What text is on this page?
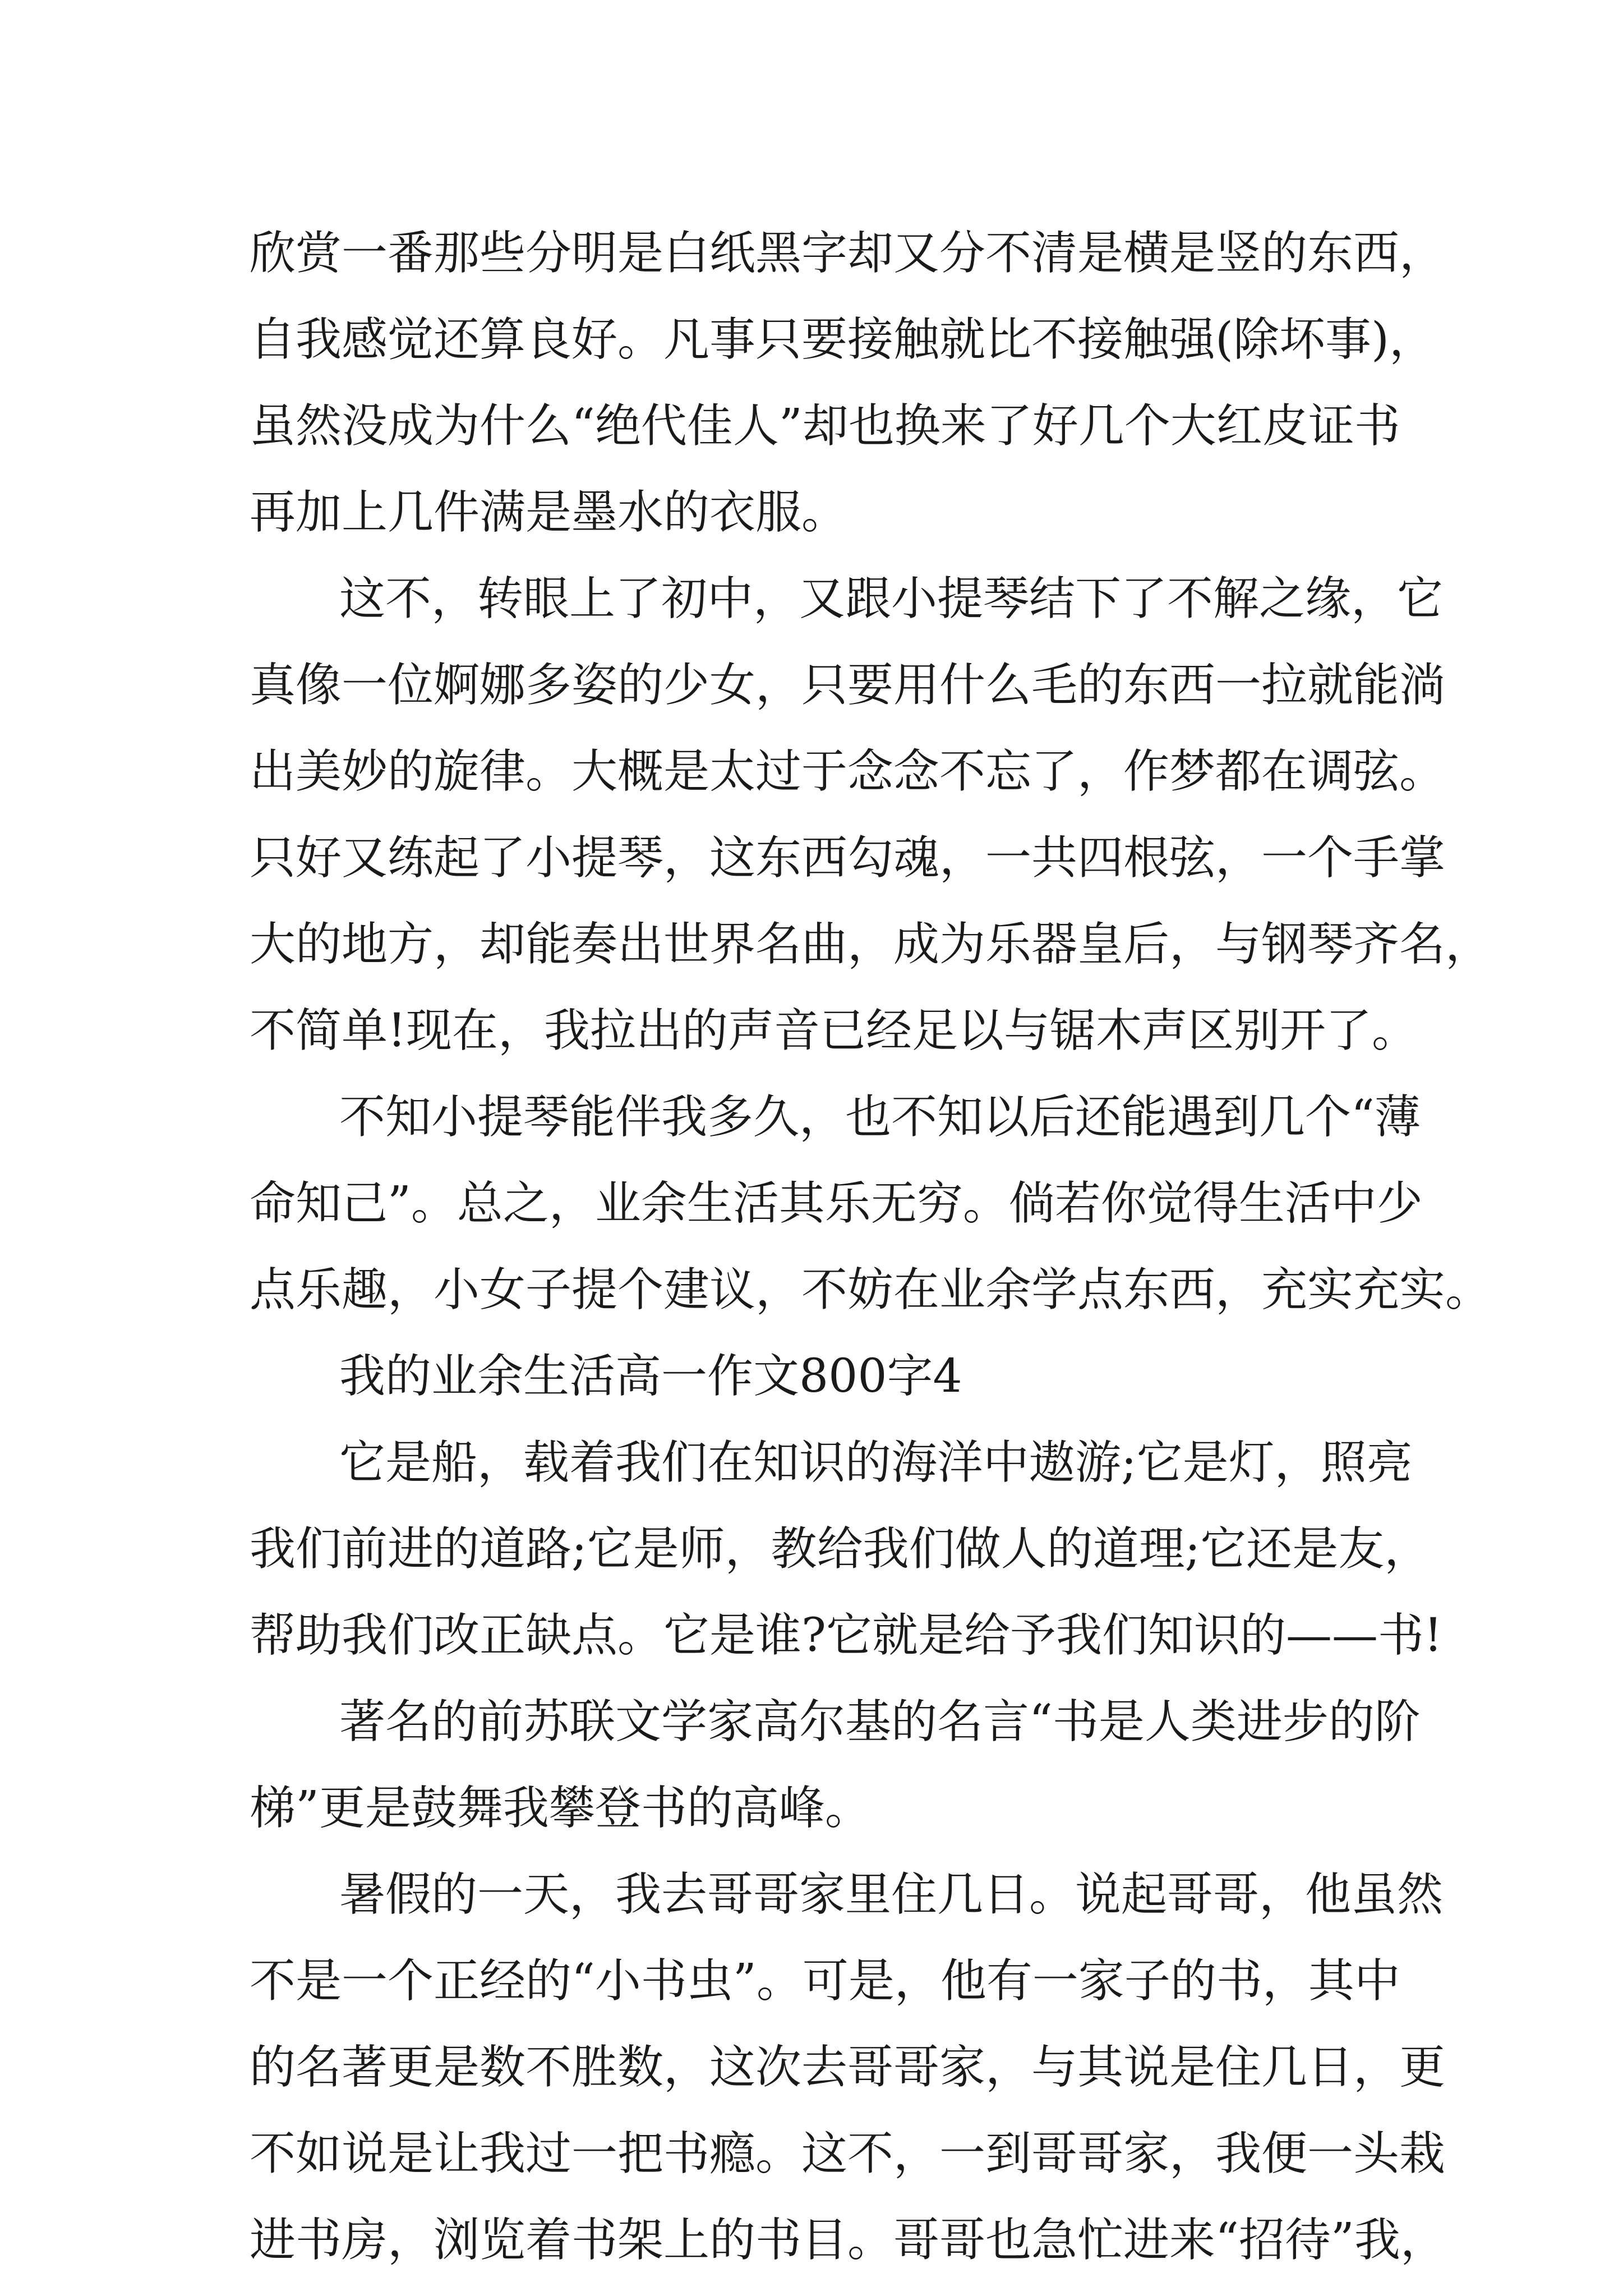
欣赏一番那些分明是白纸黑字却又分不清是横是竖的东西，
自我感觉还算良好。凡事只要接触就比不接触强(除坏事)，
虽然没成为什么“绝代佳人”却也换来了好几个大红皮证书
再加上几件满是墨水的衣服。
这不，转眼上了初中，又跟小提琴结下了不解之缘，它
真像一位婀娜多姿的少女，只要用什么毛的东西一拉就能淌
出美妙的旋律。大概是太过于念念不忘了，作梦都在调弦。
只好又练起了小提琴，这东西勾魂，一共四根弦，一个手掌
大的地方，却能奏出世界名曲，成为乐器皇后，与钢琴齐名，
不简单!现在，我拉出的声音已经足以与锯木声区别开了。
不知小提琴能伴我多久，也不知以后还能遇到几个“薄
命知己”。总之，业余生活其乐无穷。倘若你觉得生活中少
点乐趣，小女子提个建议，不妨在业余学点东西，充实充实。
我的业余生活高一作文800字4
它是船，载着我们在知识的海洋中遨游;它是灯，照亮
我们前进的道路;它是师，教给我们做人的道理;它还是友，
帮助我们改正缺点。它是谁?它就是给予我们知识的——书!
著名的前苏联文学家高尔基的名言“书是人类进步的阶
梯”更是鼓舞我攀登书的高峰。
暑假的一天，我去哥哥家里住几日。说起哥哥，他虽然
不是一个正经的“小书虫”。可是，他有一家子的书，其中
的名著更是数不胜数，这次去哥哥家，与其说是住几日，更
不如说是让我过一把书瘾。这不，一到哥哥家，我便一头栽
进书房，浏览着书架上的书目。哥哥也急忙进来“招待”我，
